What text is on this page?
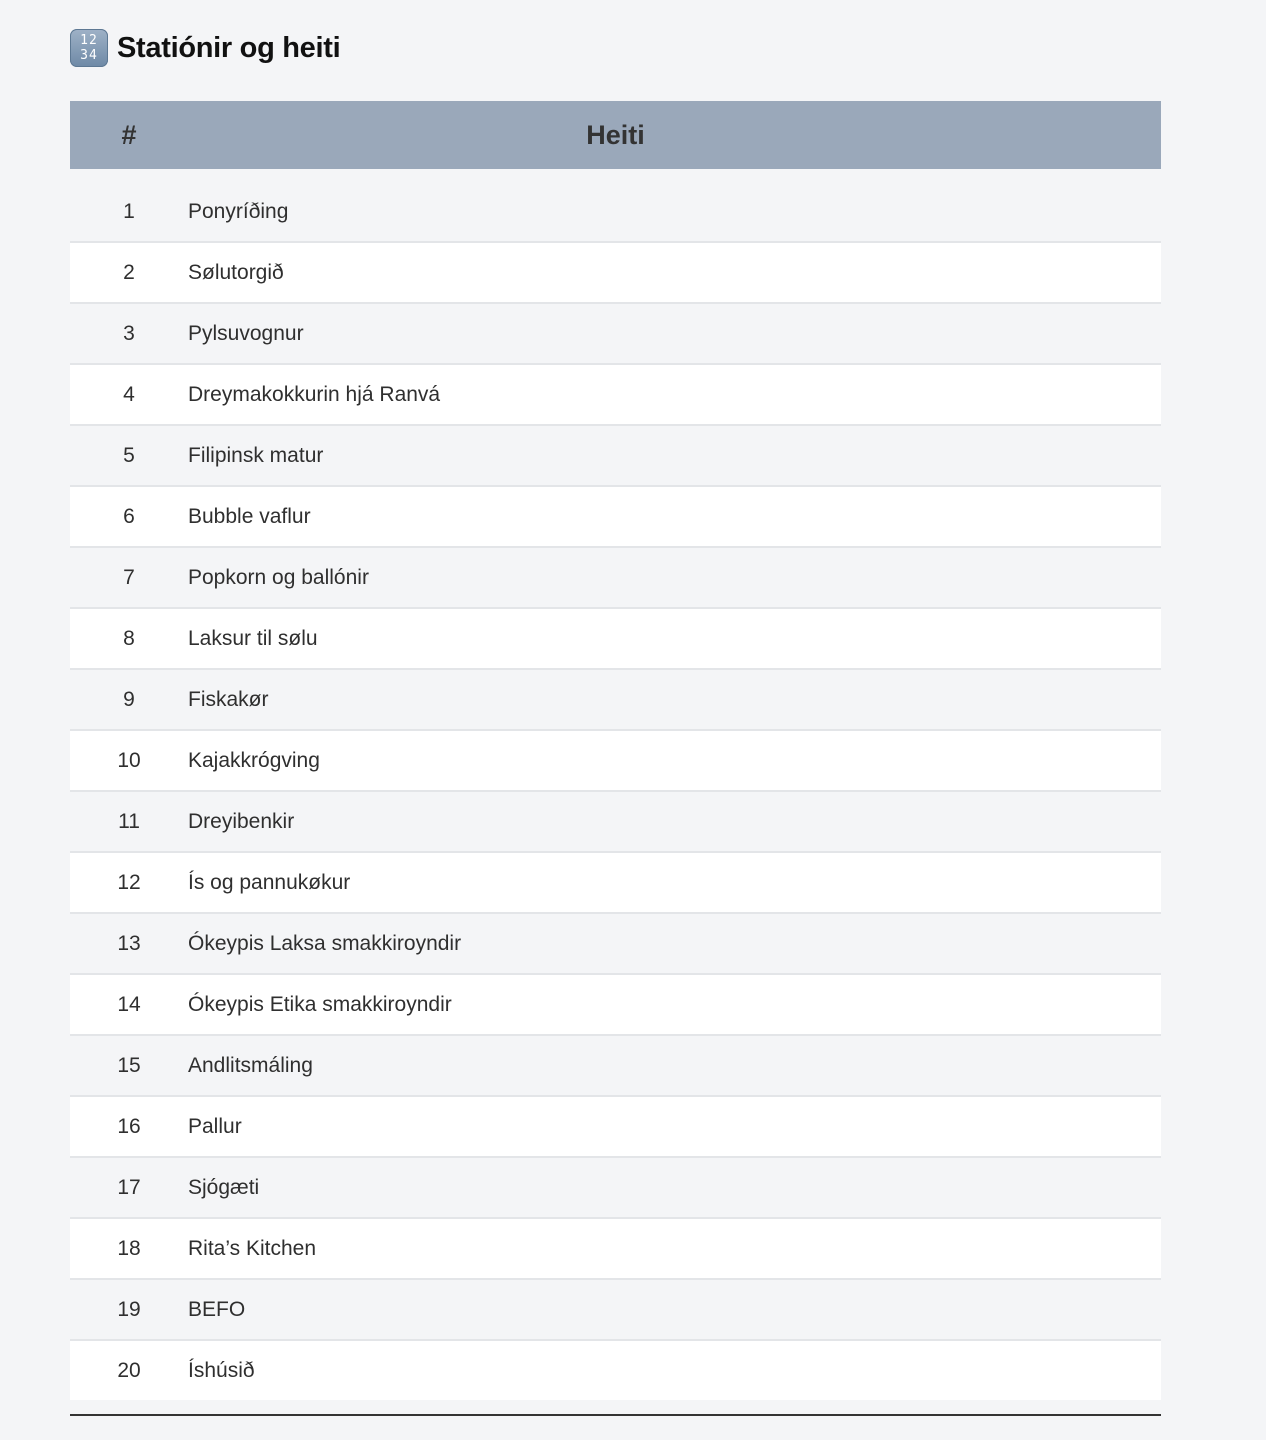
12
34 Statiónir og heiti
#	Heiti
1	Ponyríðing
2	Sølutorgið
3	Pylsuvognur
4	Dreymakokkurin hjá Ranvá
5	Filipinsk matur
6	Bubble vaflur
7	Popkorn og ballónir
8	Laksur til sølu
9	Fiskakør
10	Kajakkrógving
11	Dreyibenkir
12	Ís og pannukøkur
13	Ókeypis Laksa smakkiroyndir
14	Ókeypis Etika smakkiroyndir
15	Andlitsmáling
16	Pallur
17	Sjógæti
18	Rita’s Kitchen
19	BEFO
20	Íshúsið
